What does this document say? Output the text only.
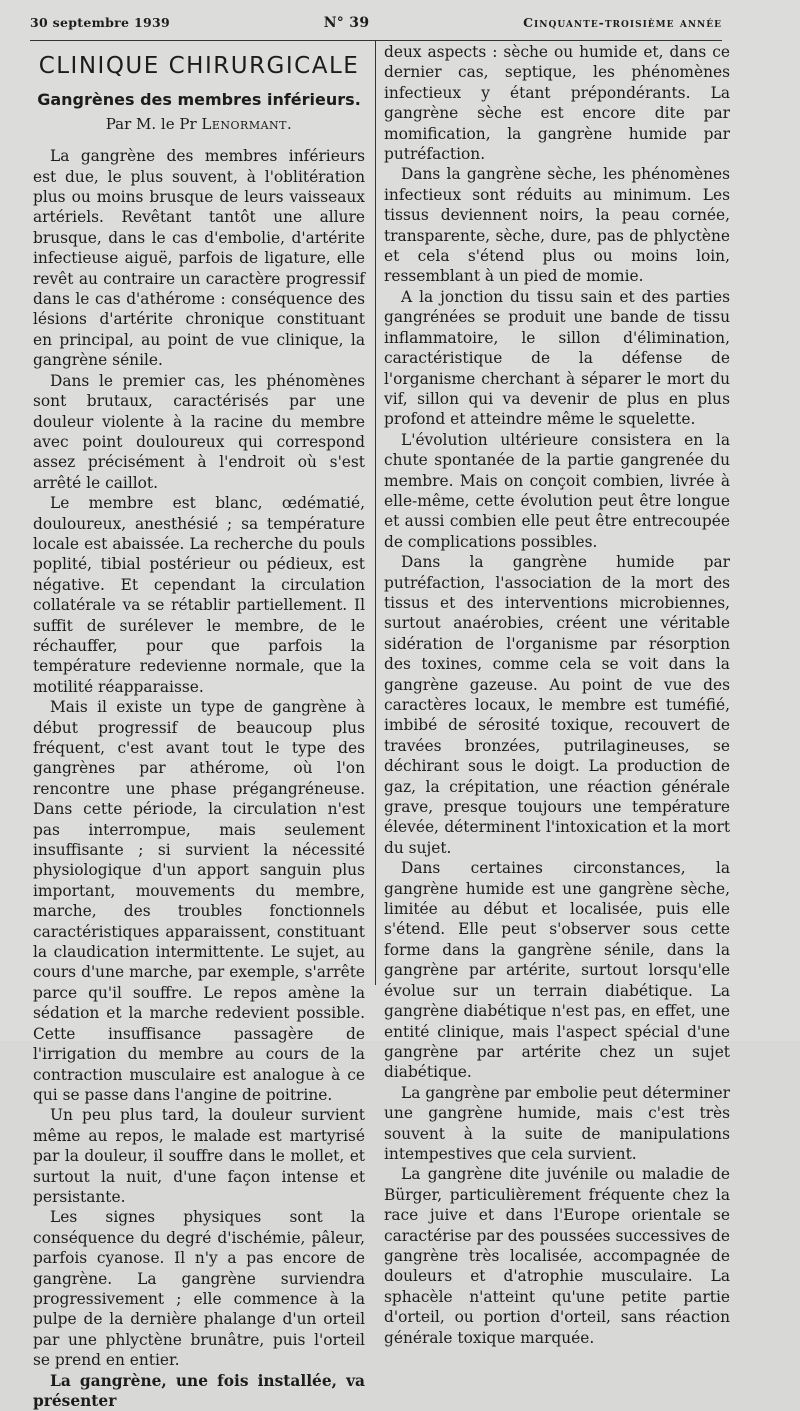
30 septembre 1939	N° 39	Cinquante-troisième année
CLINIQUE CHIRURGICALE
Gangrènes des membres inférieurs.
Par M. le Pr Lenormant.

La gangrène des membres inférieurs est due, le plus souvent, à l'oblitération plus ou moins brusque de leurs vaisseaux artériels. Revêtant tantôt une allure brusque, dans le cas d'embolie, d'artérite infectieuse aiguë, parfois de ligature, elle revêt au contraire un caractère progressif dans le cas d'athérome : conséquence des lésions d'artérite chronique constituant en principal, au point de vue clinique, la gangrène sénile.

Dans le premier cas, les phénomènes sont brutaux, caractérisés par une douleur violente à la racine du membre avec point douloureux qui correspond assez précisément à l'endroit où s'est arrêté le caillot.

Le membre est blanc, œdématié, douloureux, anesthésié ; sa température locale est abaissée. La recherche du pouls poplité, tibial postérieur ou pédieux, est négative. Et cependant la circulation collatérale va se rétablir partiellement. Il suffit de surélever le membre, de le réchauffer, pour que parfois la température redevienne normale, que la motilité réapparaisse.

Mais il existe un type de gangrène à début progressif de beaucoup plus fréquent, c'est avant tout le type des gangrènes par athérome, où l'on rencontre une phase prégangréneuse. Dans cette période, la circulation n'est pas interrompue, mais seulement insuffisante ; si survient la nécessité physiologique d'un apport sanguin plus important, mouvements du membre, marche, des troubles fonctionnels caractéristiques apparaissent, constituant la claudication intermittente. Le sujet, au cours d'une marche, par exemple, s'arrête parce qu'il souffre. Le repos amène la sédation et la marche redevient possible. Cette insuffisance passagère de l'irrigation du membre au cours de la contraction musculaire est analogue à ce qui se passe dans l'angine de poitrine.

Un peu plus tard, la douleur survient même au repos, le malade est martyrisé par la douleur, il souffre dans le mollet, et surtout la nuit, d'une façon intense et persistante.

Les signes physiques sont la conséquence du degré d'ischémie, pâleur, parfois cyanose. Il n'y a pas encore de gangrène. La gangrène surviendra progressivement ; elle commence à la pulpe de la dernière phalange d'un orteil par une phlyctène brunâtre, puis l'orteil se prend en entier.

La gangrène, une fois installée, va présenter

deux aspects : sèche ou humide et, dans ce dernier cas, septique, les phénomènes infectieux y étant prépondérants. La gangrène sèche est encore dite par momification, la gangrène humide par putréfaction.

Dans la gangrène sèche, les phénomènes infectieux sont réduits au minimum. Les tissus deviennent noirs, la peau cornée, transparente, sèche, dure, pas de phlyctène et cela s'étend plus ou moins loin, ressemblant à un pied de momie.

A la jonction du tissu sain et des parties gangrénées se produit une bande de tissu inflammatoire, le sillon d'élimination, caractéristique de la défense de l'organisme cherchant à séparer le mort du vif, sillon qui va devenir de plus en plus profond et atteindre même le squelette.

L'évolution ultérieure consistera en la chute spontanée de la partie gangrenée du membre. Mais on conçoit combien, livrée à elle-même, cette évolution peut être longue et aussi combien elle peut être entrecoupée de complications possibles.

Dans la gangrène humide par putréfaction, l'association de la mort des tissus et des interventions microbiennes, surtout anaérobies, créent une véritable sidération de l'organisme par résorption des toxines, comme cela se voit dans la gangrène gazeuse. Au point de vue des caractères locaux, le membre est tuméfié, imbibé de sérosité toxique, recouvert de travées bronzées, putrilagineuses, se déchirant sous le doigt. La production de gaz, la crépitation, une réaction générale grave, presque toujours une température élevée, déterminent l'intoxication et la mort du sujet.

Dans certaines circonstances, la gangrène humide est une gangrène sèche, limitée au début et localisée, puis elle s'étend. Elle peut s'observer sous cette forme dans la gangrène sénile, dans la gangrène par artérite, surtout lorsqu'elle évolue sur un terrain diabétique. La gangrène diabétique n'est pas, en effet, une entité clinique, mais l'aspect spécial d'une gangrène par artérite chez un sujet diabétique.

La gangrène par embolie peut déterminer une gangrène humide, mais c'est très souvent à la suite de manipulations intempestives que cela survient.

La gangrène dite juvénile ou maladie de Bürger, particulièrement fréquente chez la race juive et dans l'Europe orientale se caractérise par des poussées successives de gangrène très localisée, accompagnée de douleurs et d'atrophie musculaire. La sphacèle n'atteint qu'une petite partie d'orteil, ou portion d'orteil, sans réaction générale toxique marquée.
